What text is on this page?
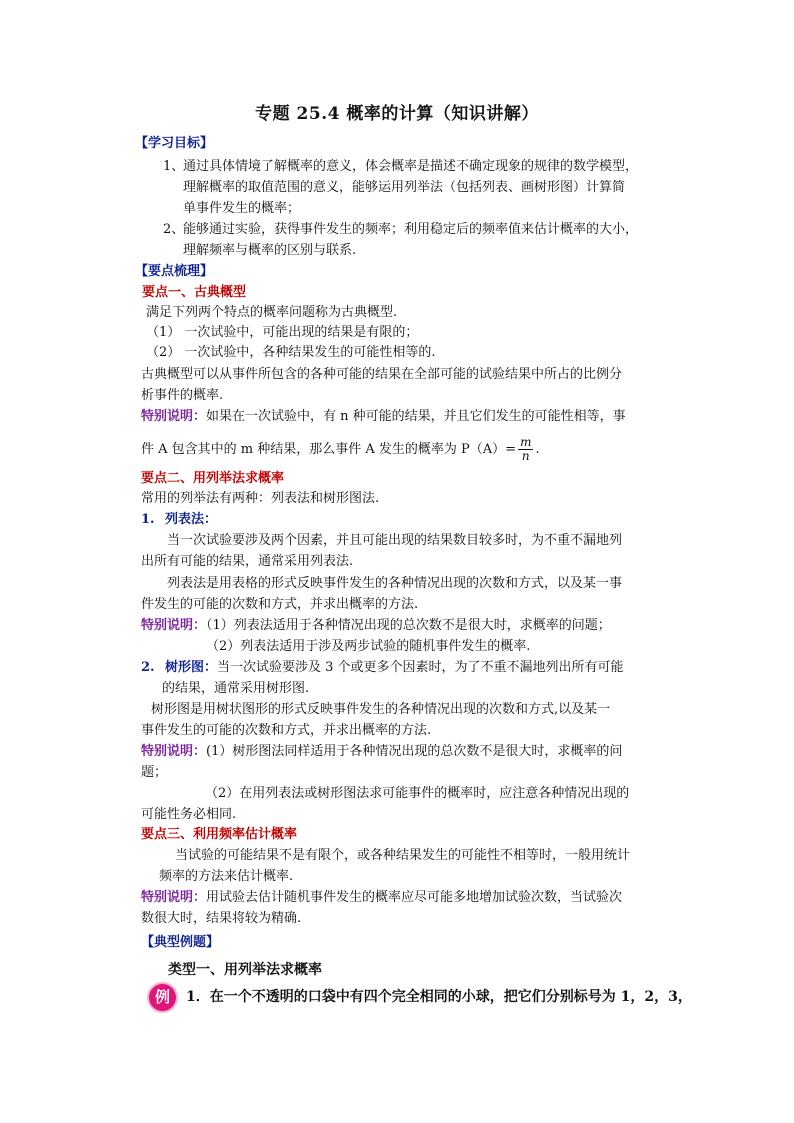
专题 25.4 概率的计算（知识讲解）
【学习目标】
1、
通过具体情境了解概率的意义，体会概率是描述不确定现象的规律的数学模型，
理解概率的取值范围的意义，能够运用列举法（包括列表、画树形图）计算简
单事件发生的概率；
2、
能够通过实验，获得事件发生的频率；利用稳定后的频率值来估计概率的大小，
理解频率与概率的区别与联系.
【要点梳理】
要点一、古典概型
满足下列两个特点的概率问题称为古典概型.
（1） 一次试验中，可能出现的结果是有限的；
（2） 一次试验中，各种结果发生的可能性相等的.
古典概型可以从事件所包含的各种可能的结果在全部可能的试验结果中所占的比例分
析事件的概率.
特别说明：如果在一次试验中，有 n 种可能的结果，并且它们发生的可能性相等，事
件 A 包含其中的 m 种结果，那么事件 A 发生的概率为 $P(A)= \frac{m}{n}$ .
要点二、用列举法求概率
常用的列举法有两种：列表法和树形图法.
1. 列表法：
当一次试验要涉及两个因素，并且可能出现的结果数目较多时，为不重不漏地列
出所有可能的结果，通常采用列表法.
列表法是用表格的形式反映事件发生的各种情况出现的次数和方式，以及某一事
件发生的可能的次数和方式，并求出概率的方法.
特别说明：（1）列表法适用于各种情况出现的总次数不是很大时，求概率的问题；
（2）列表法适用于涉及两步试验的随机事件发生的概率.
2. 树形图：当一次试验要涉及 3 个或更多个因素时，为了不重不漏地列出所有可能
的结果，通常采用树形图.
树形图是用树状图形的形式反映事件发生的各种情况出现的次数和方式,以及某一
事件发生的可能的次数和方式，并求出概率的方法.
特别说明：(1）树形图法同样适用于各种情况出现的总次数不是很大时，求概率的问
题；
（2）在用列表法或树形图法求可能事件的概率时，应注意各种情况出现的
可能性务必相同.
要点三、利用频率估计概率
当试验的可能结果不是有限个，或各种结果发生的可能性不相等时，一般用统计
频率的方法来估计概率.
特别说明：用试验去估计随机事件发生的概率应尽可能多地增加试验次数，当试验次
数很大时，结果将较为精确.
【典型例题】
类型一、用列举法求概率
例	1．在一个不透明的口袋中有四个完全相同的小球，把它们分别标号为 1，2，3，
